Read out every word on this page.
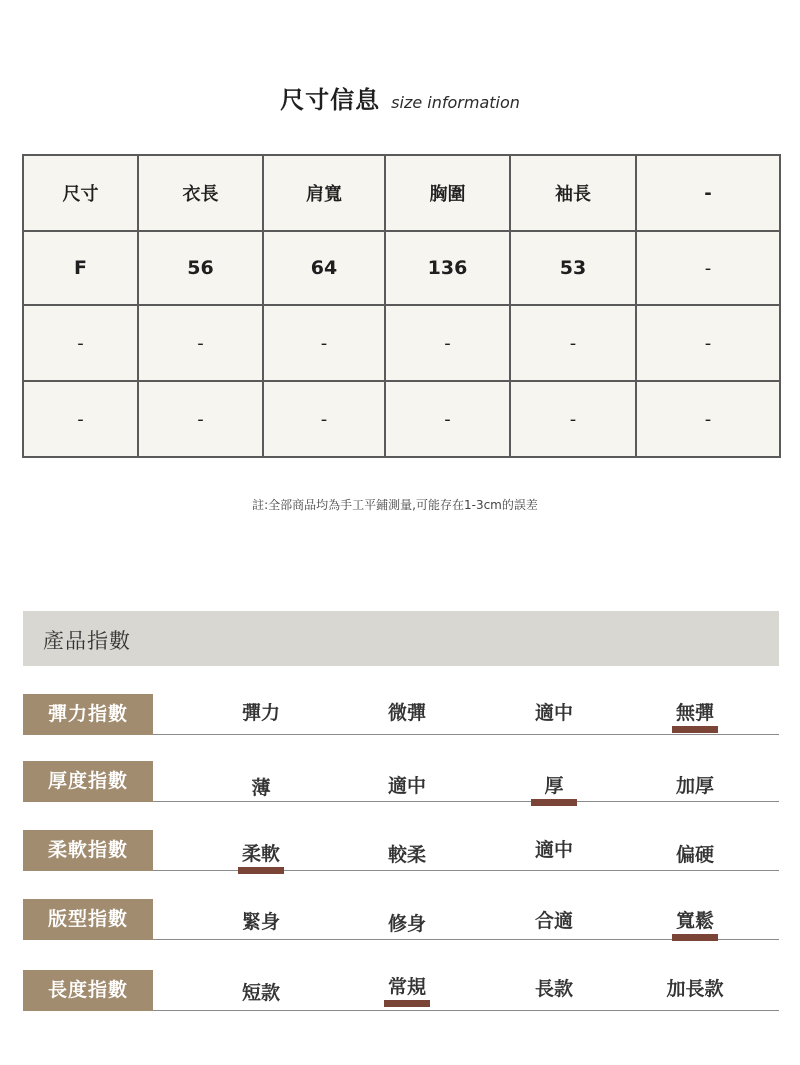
尺寸信息 size information
尺寸	衣長	肩寬	胸圍	袖長	-
F	56	64	136	53	-
-	-	-	-	-	-
-	-	-	-	-	-
註:全部商品均為手工平鋪測量,可能存在1-3cm的誤差
產品指數
彈力指數	彈力	微彈	適中	無彈
厚度指數	薄	適中	厚	加厚
柔軟指數	柔軟	較柔	適中	偏硬
版型指數	緊身	修身	合適	寬鬆
長度指數	短款	常規	長款	加長款
